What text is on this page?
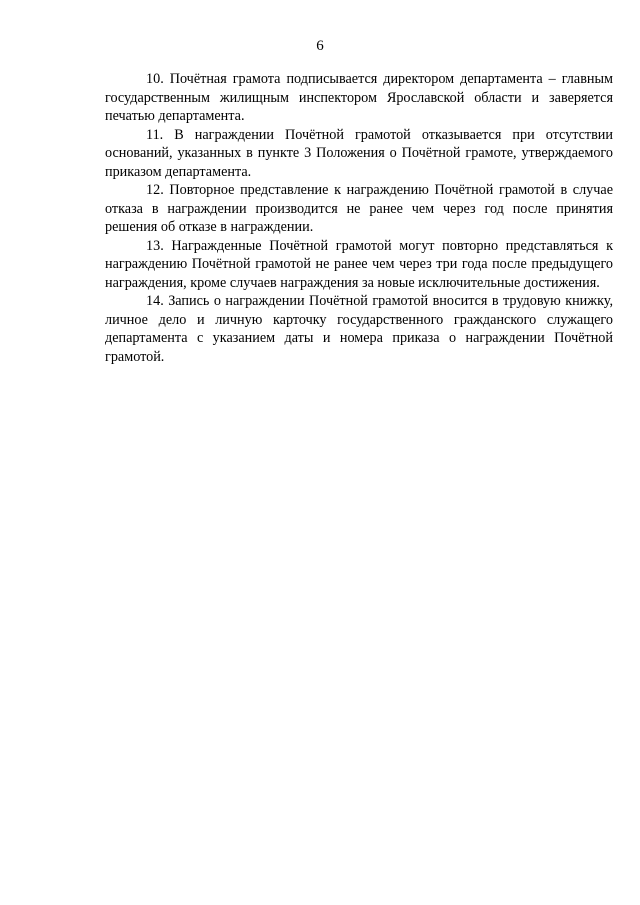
6

10. Почётная грамота подписывается директором департамента – главным государственным жилищным инспектором Ярославской области и заверяется печатью департамента.

11. В награждении Почётной грамотой отказывается при отсутствии оснований, указанных в пункте 3 Положения о Почётной грамоте, утверждаемого приказом департамента.

12. Повторное представление к награждению Почётной грамотой в случае отказа в награждении производится не ранее чем через год после принятия решения об отказе в награждении.

13. Награжденные Почётной грамотой могут повторно представляться к награждению Почётной грамотой не ранее чем через три года после предыдущего награждения, кроме случаев награждения за новые исключительные достижения.

14. Запись о награждении Почётной грамотой вносится в трудовую книжку, личное дело и личную карточку государственного гражданского служащего департамента с указанием даты и номера приказа о награждении Почётной грамотой.
